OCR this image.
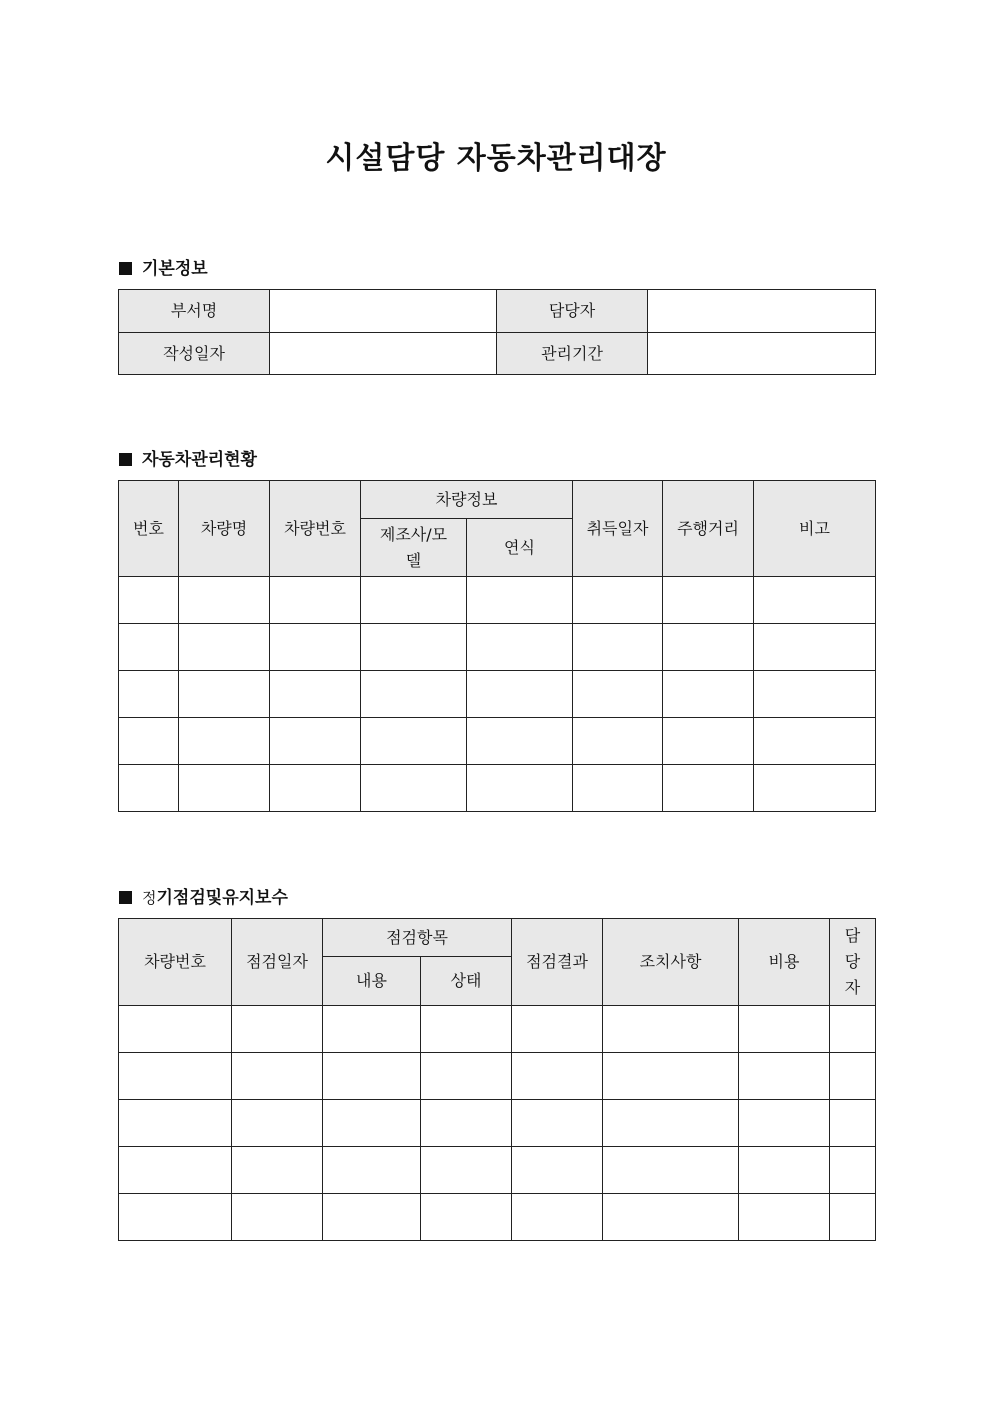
시설담당 자동차관리대장
기본정보
부서명		담당자	
작성일자		관리기간	
자동차관리현황
번호	차량명	차량번호	차량정보		취득일자	주행거리	비고
			제조사/모델	연식			

정기점검및유지보수
차량번호	점검일자	점검항목		점검결과	조치사항	비용	담당자
		내용	상태				
